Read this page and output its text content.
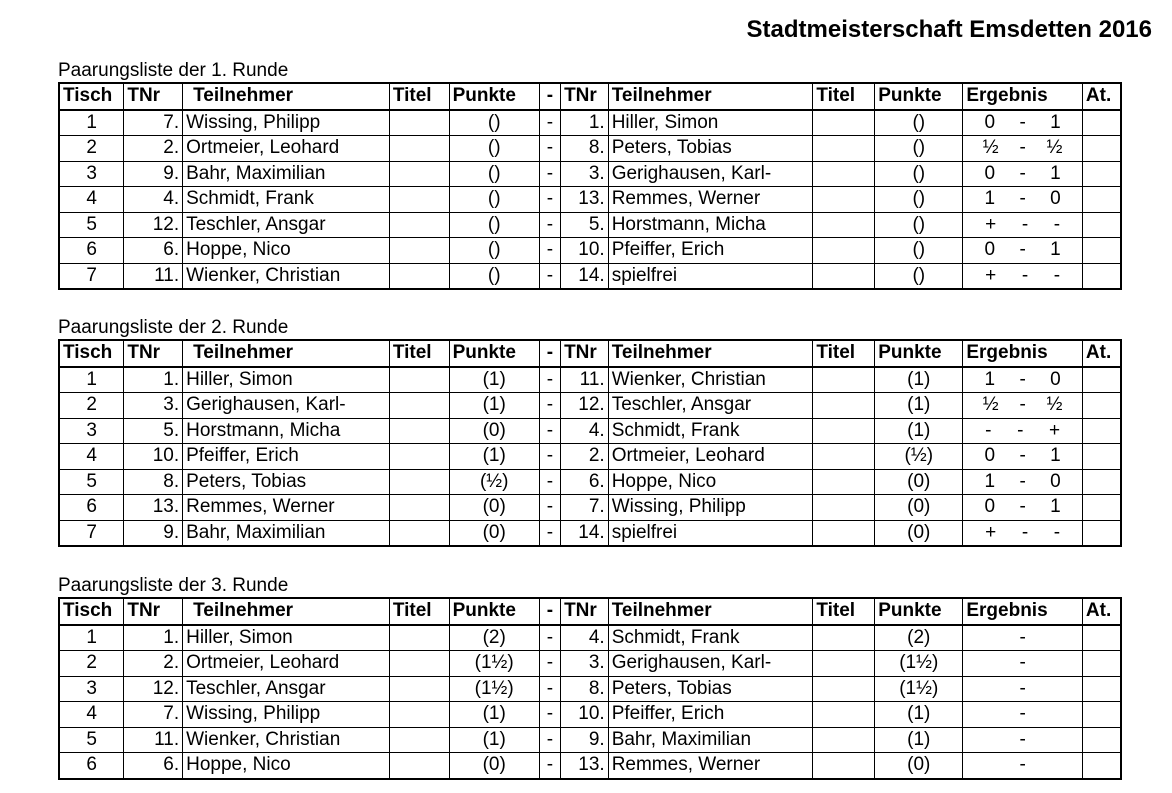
Stadtmeisterschaft Emsdetten 2016
Paarungsliste der 1. Runde
Tisch	TNr	Teilnehmer	Titel	Punkte	-	TNr	Teilnehmer	Titel	Punkte	Ergebnis	At.
1	7.	Wissing, Philipp		()	-	1.	Hiller, Simon		()	0 - 1	

2	2.	Ortmeier, Leohard		()	-	8.	Peters, Tobias		()	½ - ½	

3	9.	Bahr, Maximilian		()	-	3.	Gerighausen, Karl-		()	0 - 1	

4	4.	Schmidt, Frank		()	-	13.	Remmes, Werner		()	1 - 0	

5	12.	Teschler, Ansgar		()	-	5.	Horstmann, Micha		()	+ - -	

6	6.	Hoppe, Nico		()	-	10.	Pfeiffer, Erich		()	0 - 1	

7	11.	Wienker, Christian		()	-	14.	spielfrei		()	+ - -	

Paarungsliste der 2. Runde
Tisch	TNr	Teilnehmer	Titel	Punkte	-	TNr	Teilnehmer	Titel	Punkte	Ergebnis	At.
1	1.	Hiller, Simon		(1)	-	11.	Wienker, Christian		(1)	1 - 0	

2	3.	Gerighausen, Karl-		(1)	-	12.	Teschler, Ansgar		(1)	½ - ½	

3	5.	Horstmann, Micha		(0)	-	4.	Schmidt, Frank		(1)	- - +	

4	10.	Pfeiffer, Erich		(1)	-	2.	Ortmeier, Leohard		(½)	0 - 1	

5	8.	Peters, Tobias		(½)	-	6.	Hoppe, Nico		(0)	1 - 0	

6	13.	Remmes, Werner		(0)	-	7.	Wissing, Philipp		(0)	0 - 1	

7	9.	Bahr, Maximilian		(0)	-	14.	spielfrei		(0)	+ - -	

Paarungsliste der 3. Runde
Tisch	TNr	Teilnehmer	Titel	Punkte	-	TNr	Teilnehmer	Titel	Punkte	Ergebnis	At.
1	1.	Hiller, Simon		(2)	-	4.	Schmidt, Frank		(2)	-	

2	2.	Ortmeier, Leohard		(1½)	-	3.	Gerighausen, Karl-		(1½)	-	

3	12.	Teschler, Ansgar		(1½)	-	8.	Peters, Tobias		(1½)	-	

4	7.	Wissing, Philipp		(1)	-	10.	Pfeiffer, Erich		(1)	-	

5	11.	Wienker, Christian		(1)	-	9.	Bahr, Maximilian		(1)	-	

6	6.	Hoppe, Nico		(0)	-	13.	Remmes, Werner		(0)	-	
